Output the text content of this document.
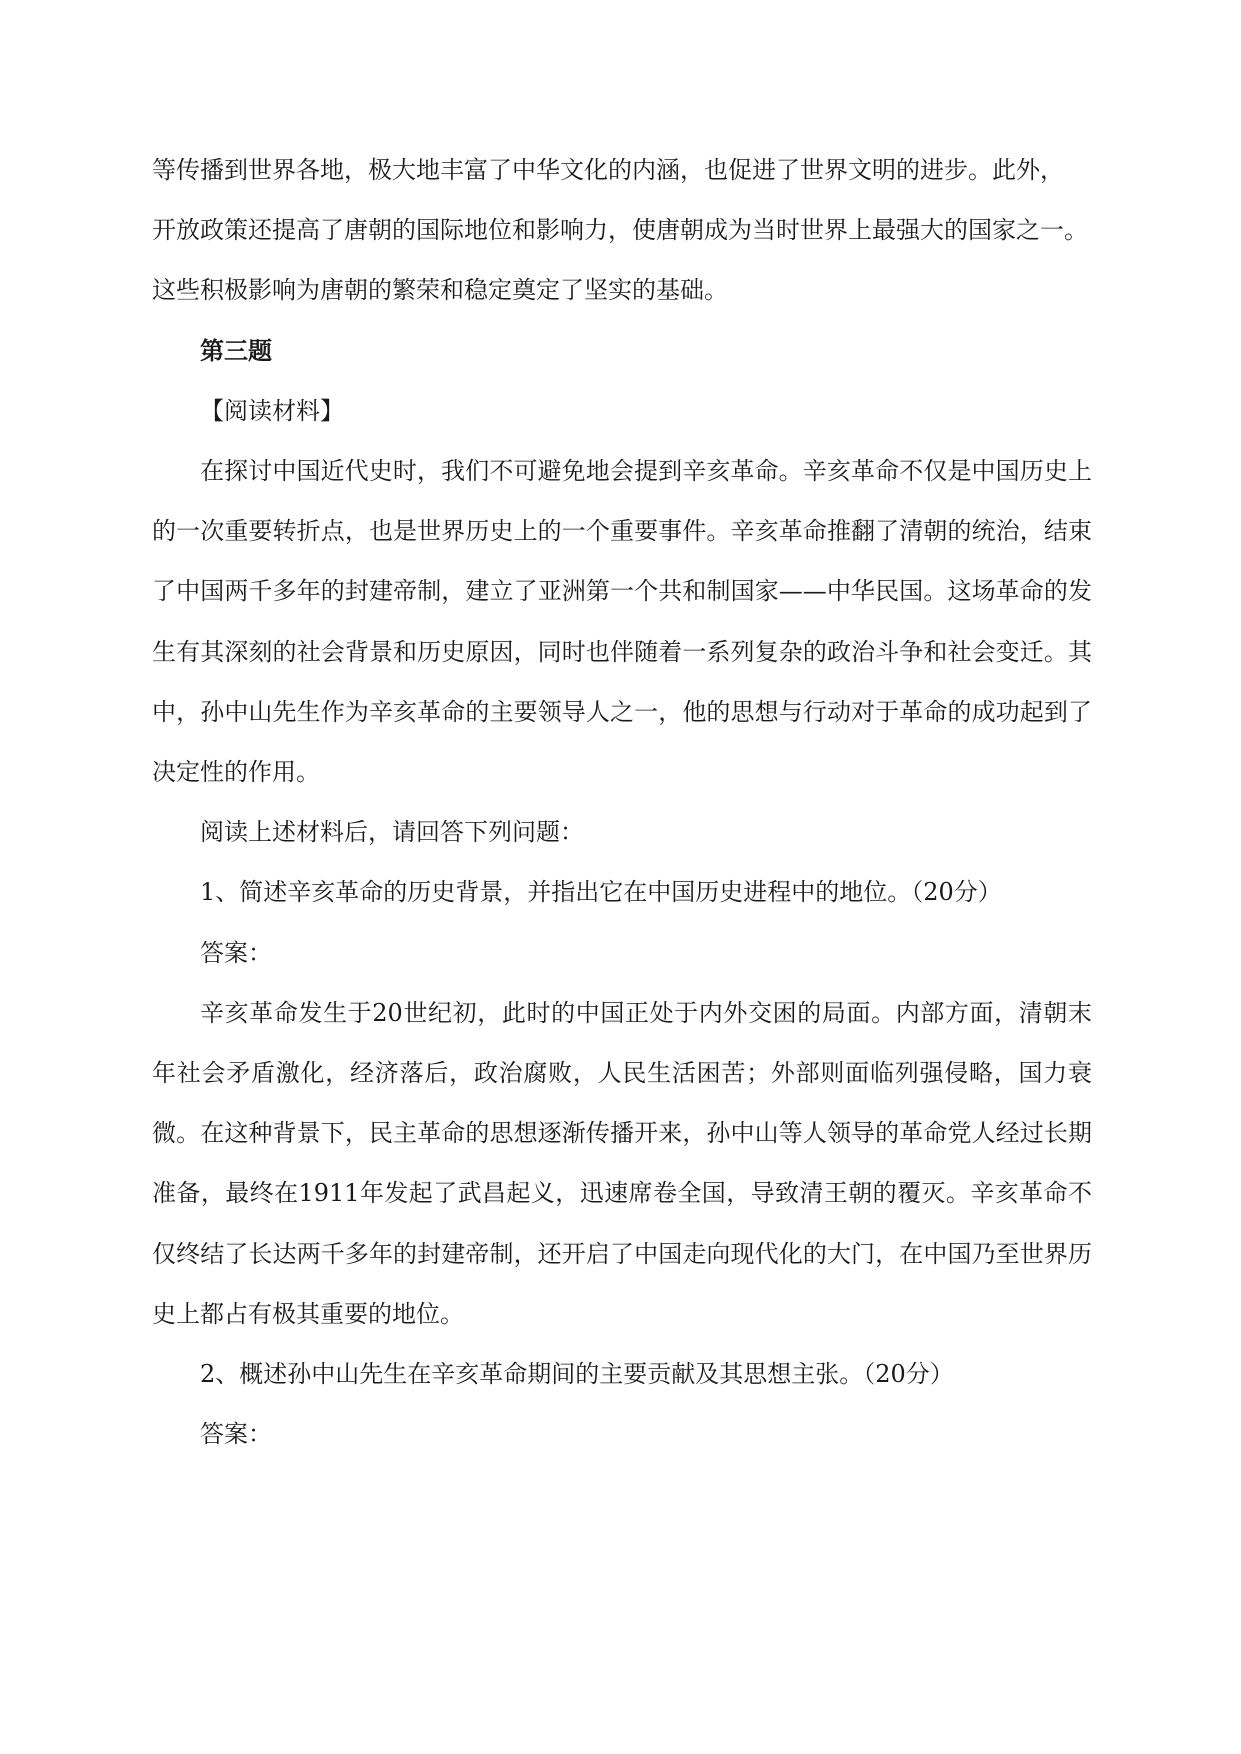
等传播到世界各地，极大地丰富了中华文化的内涵，也促进了世界文明的进步。此外，
开放政策还提高了唐朝的国际地位和影响力，使唐朝成为当时世界上最强大的国家之一。
这些积极影响为唐朝的繁荣和稳定奠定了坚实的基础。

第三题

【阅读材料】

在探讨中国近代史时，我们不可避免地会提到辛亥革命。辛亥革命不仅是中国历史上的一次重要转折点，也是世界历史上的一个重要事件。辛亥革命推翻了清朝的统治，结束了中国两千多年的封建帝制，建立了亚洲第一个共和制国家——中华民国。这场革命的发生有其深刻的社会背景和历史原因，同时也伴随着一系列复杂的政治斗争和社会变迁。其中，孙中山先生作为辛亥革命的主要领导人之一，他的思想与行动对于革命的成功起到了决定性的作用。

阅读上述材料后，请回答下列问题：

1、简述辛亥革命的历史背景，并指出它在中国历史进程中的地位。（20分）

答案：

辛亥革命发生于20世纪初，此时的中国正处于内外交困的局面。内部方面，清朝末年社会矛盾激化，经济落后，政治腐败，人民生活困苦；外部则面临列强侵略，国力衰微。在这种背景下，民主革命的思想逐渐传播开来，孙中山等人领导的革命党人经过长期准备，最终在1911年发起了武昌起义，迅速席卷全国，导致清王朝的覆灭。辛亥革命不仅终结了长达两千多年的封建帝制，还开启了中国走向现代化的大门，在中国乃至世界历史上都占有极其重要的地位。

2、概述孙中山先生在辛亥革命期间的主要贡献及其思想主张。（20分）

答案：
